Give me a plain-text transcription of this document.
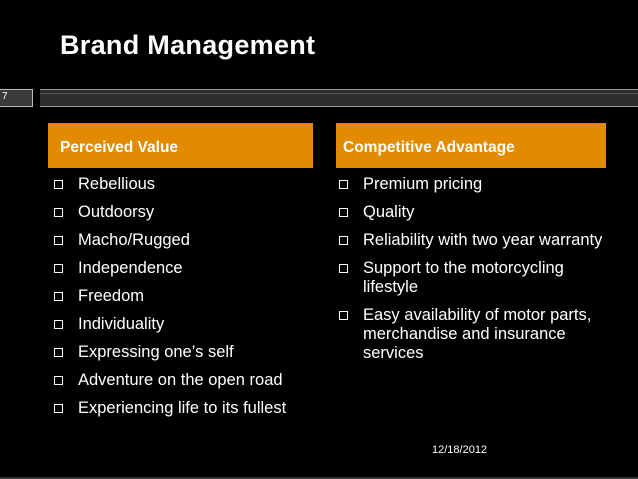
Brand Management
7
Perceived Value	Competitive Advantage
Rebellious
Outdoorsy
Macho/Rugged
Independence
Freedom
Individuality
Expressing one’s self
Adventure on the open road
Experiencing life to its fullest
Premium pricing
Quality
Reliability with two year warranty
Support to the motorcycling lifestyle
Easy availability of motor parts, merchandise and insurance services
12/18/2012
